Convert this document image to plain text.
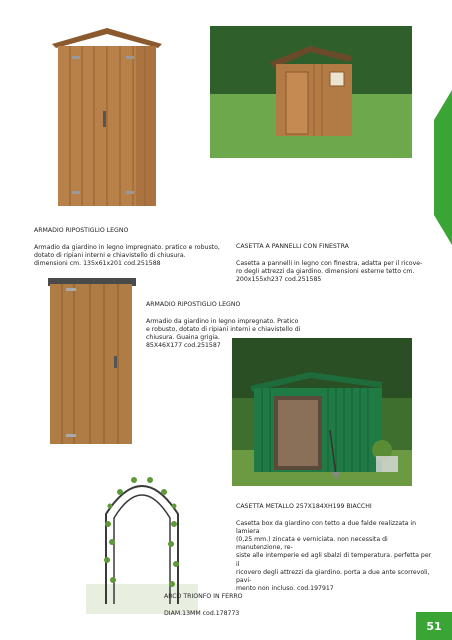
ARMADIO RIPOSTIGLIO LEGNO

Armadio da giardino in legno impregnato. pratico e robusto,
dotato di ripiani interni e chiavistello di chiusura.
dimensioni cm. 135x61x201 cod.251588

CASETTA A PANNELLI CON FINESTRA

Casetta a pannelli in legno con finestra, adatta per il ricove-
ro degli attrezzi da giardino. dimensioni esterne tetto cm.
200x155xh237 cod.251585

ARMADIO RIPOSTIGLIO LEGNO

Armadio da giardino in legno impregnato. Pratico
e robusto, dotato di ripiani interni e chiavistello di
chiusura. Guaina grigia.
85X46X177 cod.251587

CASETTA METALLO 257X184XH199 BIACCHI

Casetta box da giardino con tetto a due falde realizzata in lamiera
(0,25 mm.) zincata e verniciata. non necessita di manutenzione, re-
siste alle intemperie ed agli sbalzi di temperatura. perfetta per il
ricovero degli attrezzi da giardino. porta a due ante scorrevoli, pavi-
mento non incluso. cod.197917

ARCO TRIONFO IN FERRO

DIAM.13MM cod.178773

51
